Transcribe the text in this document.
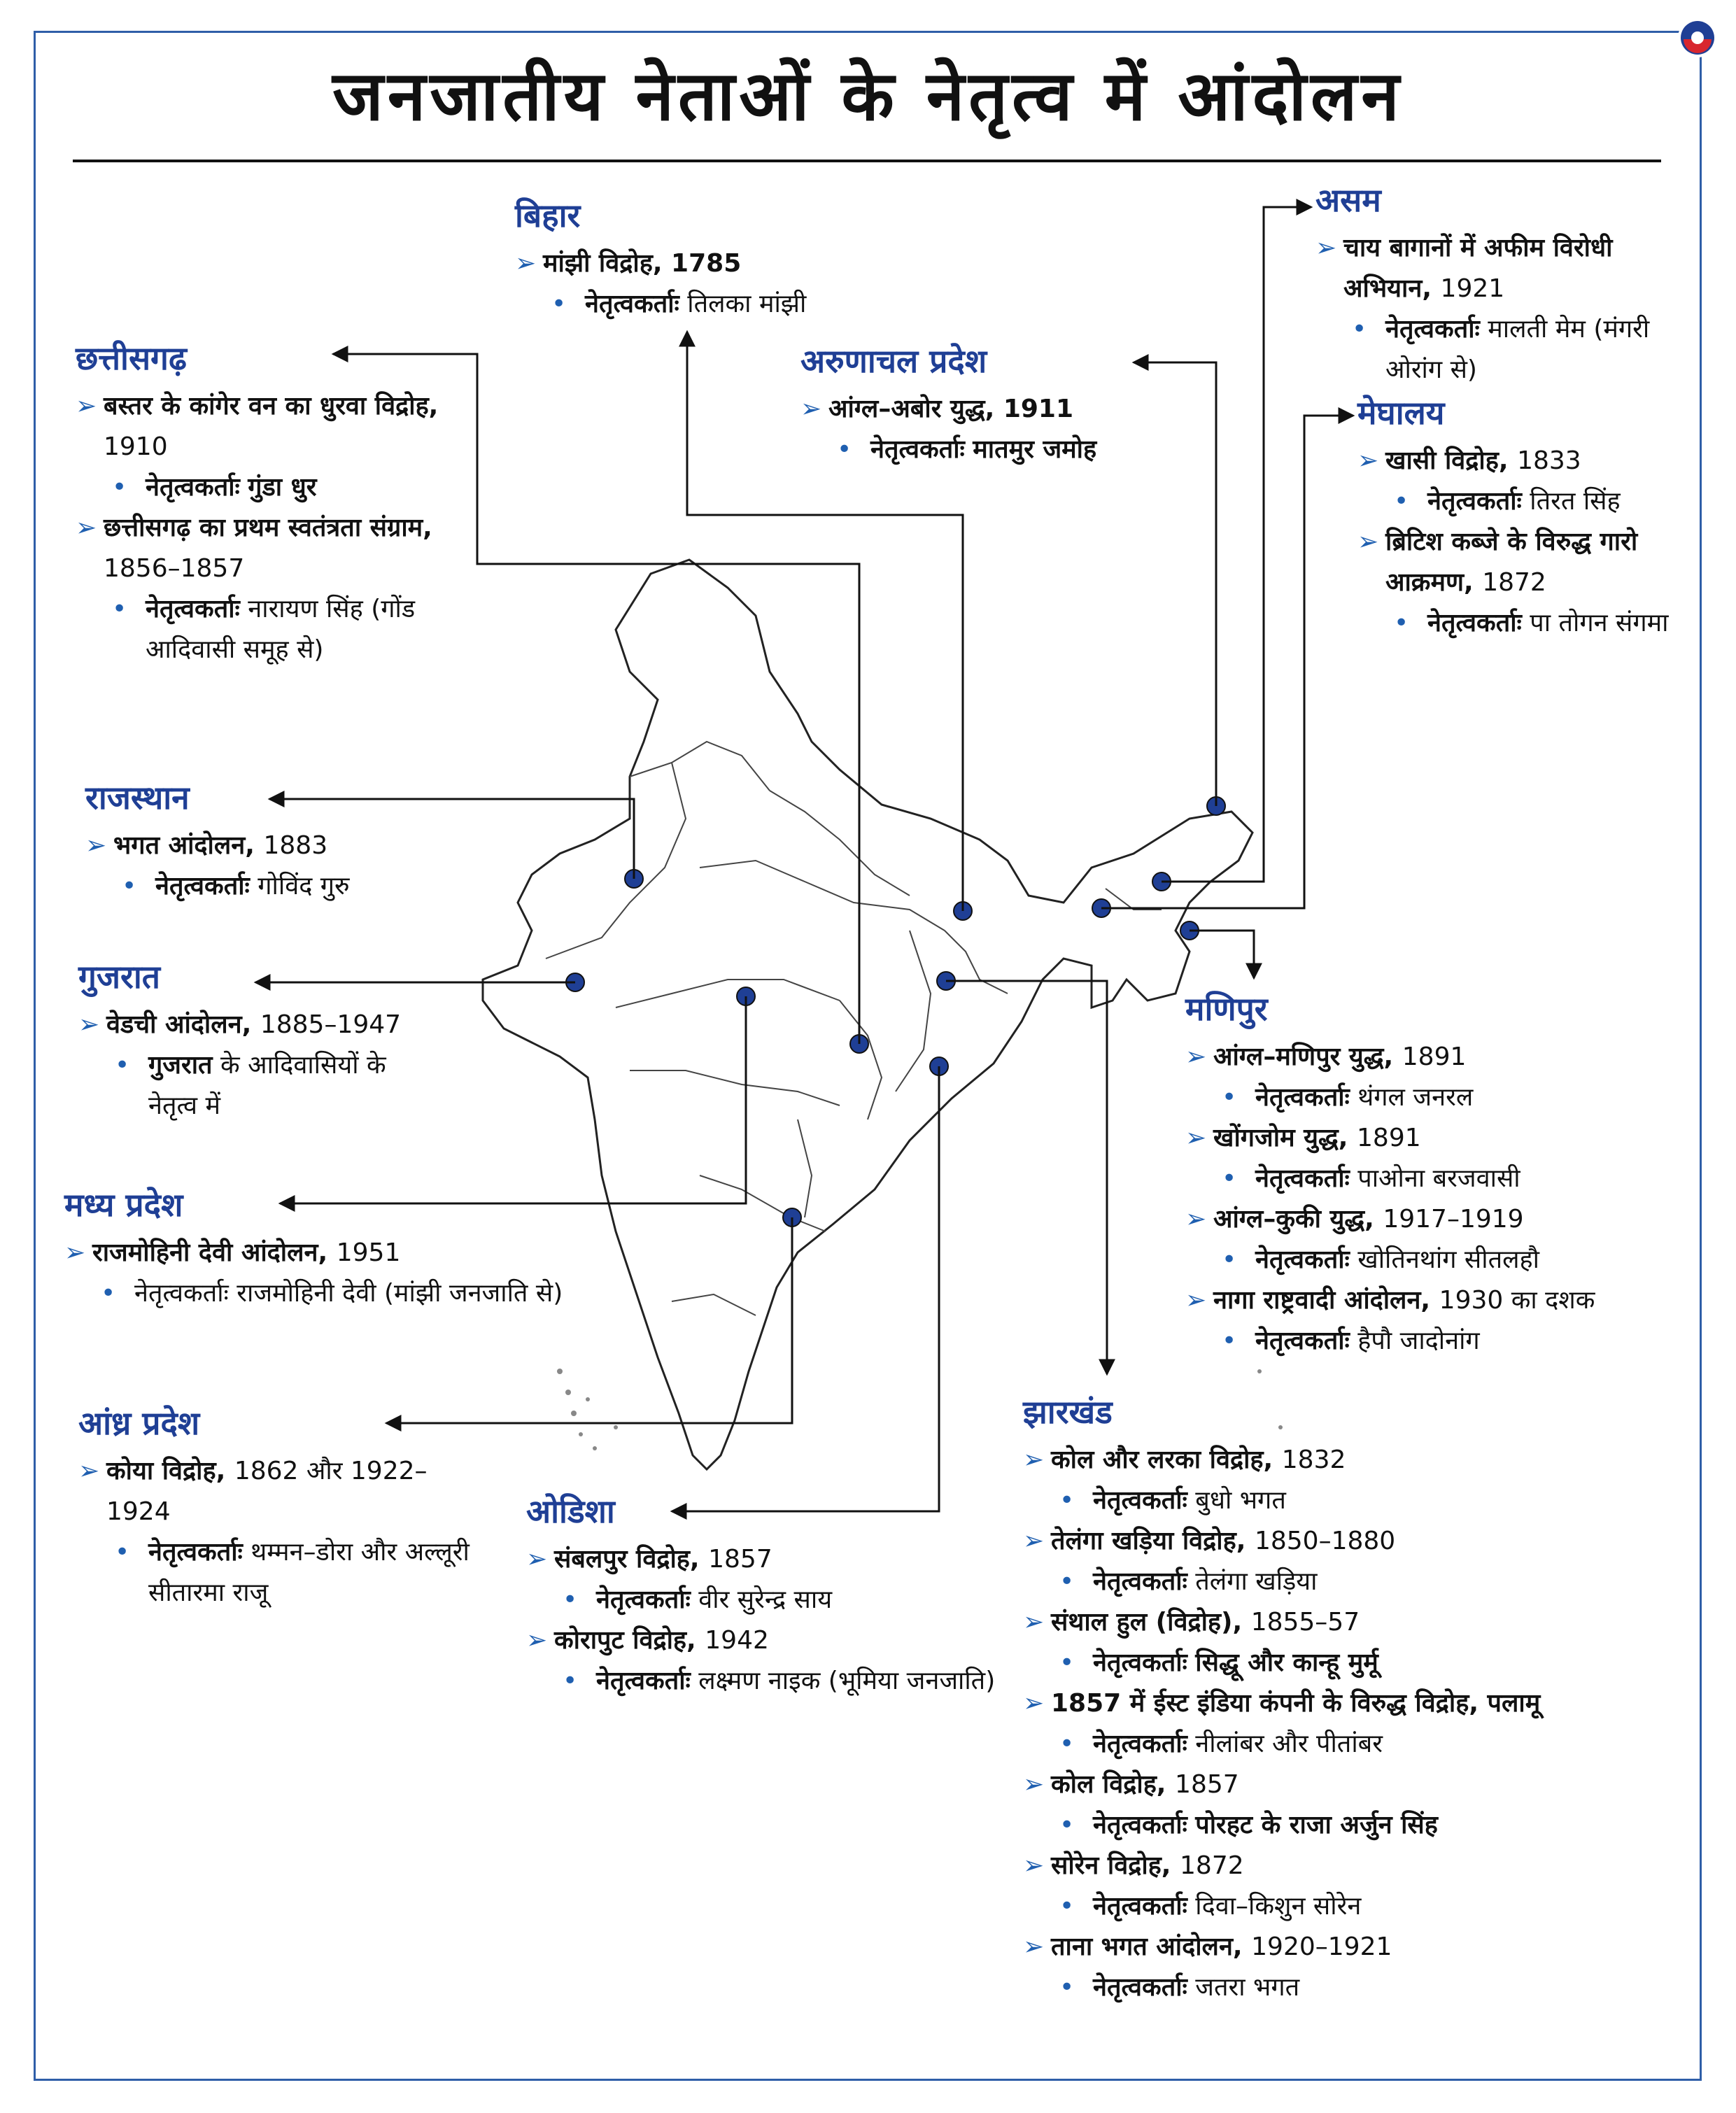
जनजातीय नेताओं के नेतृत्व में आंदोलन
छत्तीसगढ़
➢ बस्तर के कांगेर वन का धुरवा विद्रोह, 1910
• नेतृत्वकर्ताः गुंडा धुर
➢ छत्तीसगढ़ का प्रथम स्वतंत्रता संग्राम, 1856–1857
• नेतृत्वकर्ताः नारायण सिंह (गोंड आदिवासी समूह से)
बिहार
➢ मांझी विद्रोह, 1785
• नेतृत्वकर्ताः तिलका मांझी
अरुणाचल प्रदेश
➢ आंग्ल–अबोर युद्ध, 1911
• नेतृत्वकर्ताः मातमुर जमोह
असम
➢ चाय बागानों में अफीम विरोधी अभियान, 1921
• नेतृत्वकर्ताः मालती मेम (मंगरी ओरांग से)
मेघालय
➢ खासी विद्रोह, 1833
• नेतृत्वकर्ताः तिरत सिंह
➢ ब्रिटिश कब्जे के विरुद्ध गारो आक्रमण, 1872
• नेतृत्वकर्ताः पा तोगन संगमा
राजस्थान
➢ भगत आंदोलन, 1883
• नेतृत्वकर्ताः गोविंद गुरु
गुजरात
➢ वेडची आंदोलन, 1885–1947
• गुजरात के आदिवासियों के नेतृत्व में
मध्य प्रदेश
➢ राजमोहिनी देवी आंदोलन, 1951
• नेतृत्वकर्ताः राजमोहिनी देवी (मांझी जनजाति से)
आंध्र प्रदेश
➢ कोया विद्रोह, 1862 और 1922–1924
• नेतृत्वकर्ताः थम्मन–डोरा और अल्लूरी सीतारमा राजू
ओडिशा
➢ संबलपुर विद्रोह, 1857
• नेतृत्वकर्ताः वीर सुरेन्द्र साय
➢ कोरापुट विद्रोह, 1942
• नेतृत्वकर्ताः लक्ष्मण नाइक (भूमिया जनजाति)
मणिपुर
➢ आंग्ल–मणिपुर युद्ध, 1891
• नेतृत्वकर्ताः थंगल जनरल
➢ खोंगजोम युद्ध, 1891
• नेतृत्वकर्ताः पाओना बरजवासी
➢ आंग्ल–कुकी युद्ध, 1917–1919
• नेतृत्वकर्ताः खोतिनथांग सीतलहौ
➢ नागा राष्ट्रवादी आंदोलन, 1930 का दशक
• नेतृत्वकर्ताः हैपौ जादोनांग
झारखंड
➢ कोल और लरका विद्रोह, 1832
• नेतृत्वकर्ताः बुधो भगत
➢ तेलंगा खड़िया विद्रोह, 1850–1880
• नेतृत्वकर्ताः तेलंगा खड़िया
➢ संथाल हुल (विद्रोह), 1855–57
• नेतृत्वकर्ताः सिद्धू और कान्हू मुर्मू
➢ 1857 में ईस्ट इंडिया कंपनी के विरुद्ध विद्रोह, पलामू
• नेतृत्वकर्ताः नीलांबर और पीतांबर
➢ कोल विद्रोह, 1857
• नेतृत्वकर्ताः पोरहट के राजा अर्जुन सिंह
➢ सोरेन विद्रोह, 1872
• नेतृत्वकर्ताः दिवा–किशुन सोरेन
➢ ताना भगत आंदोलन, 1920–1921
• नेतृत्वकर्ताः जतरा भगत
